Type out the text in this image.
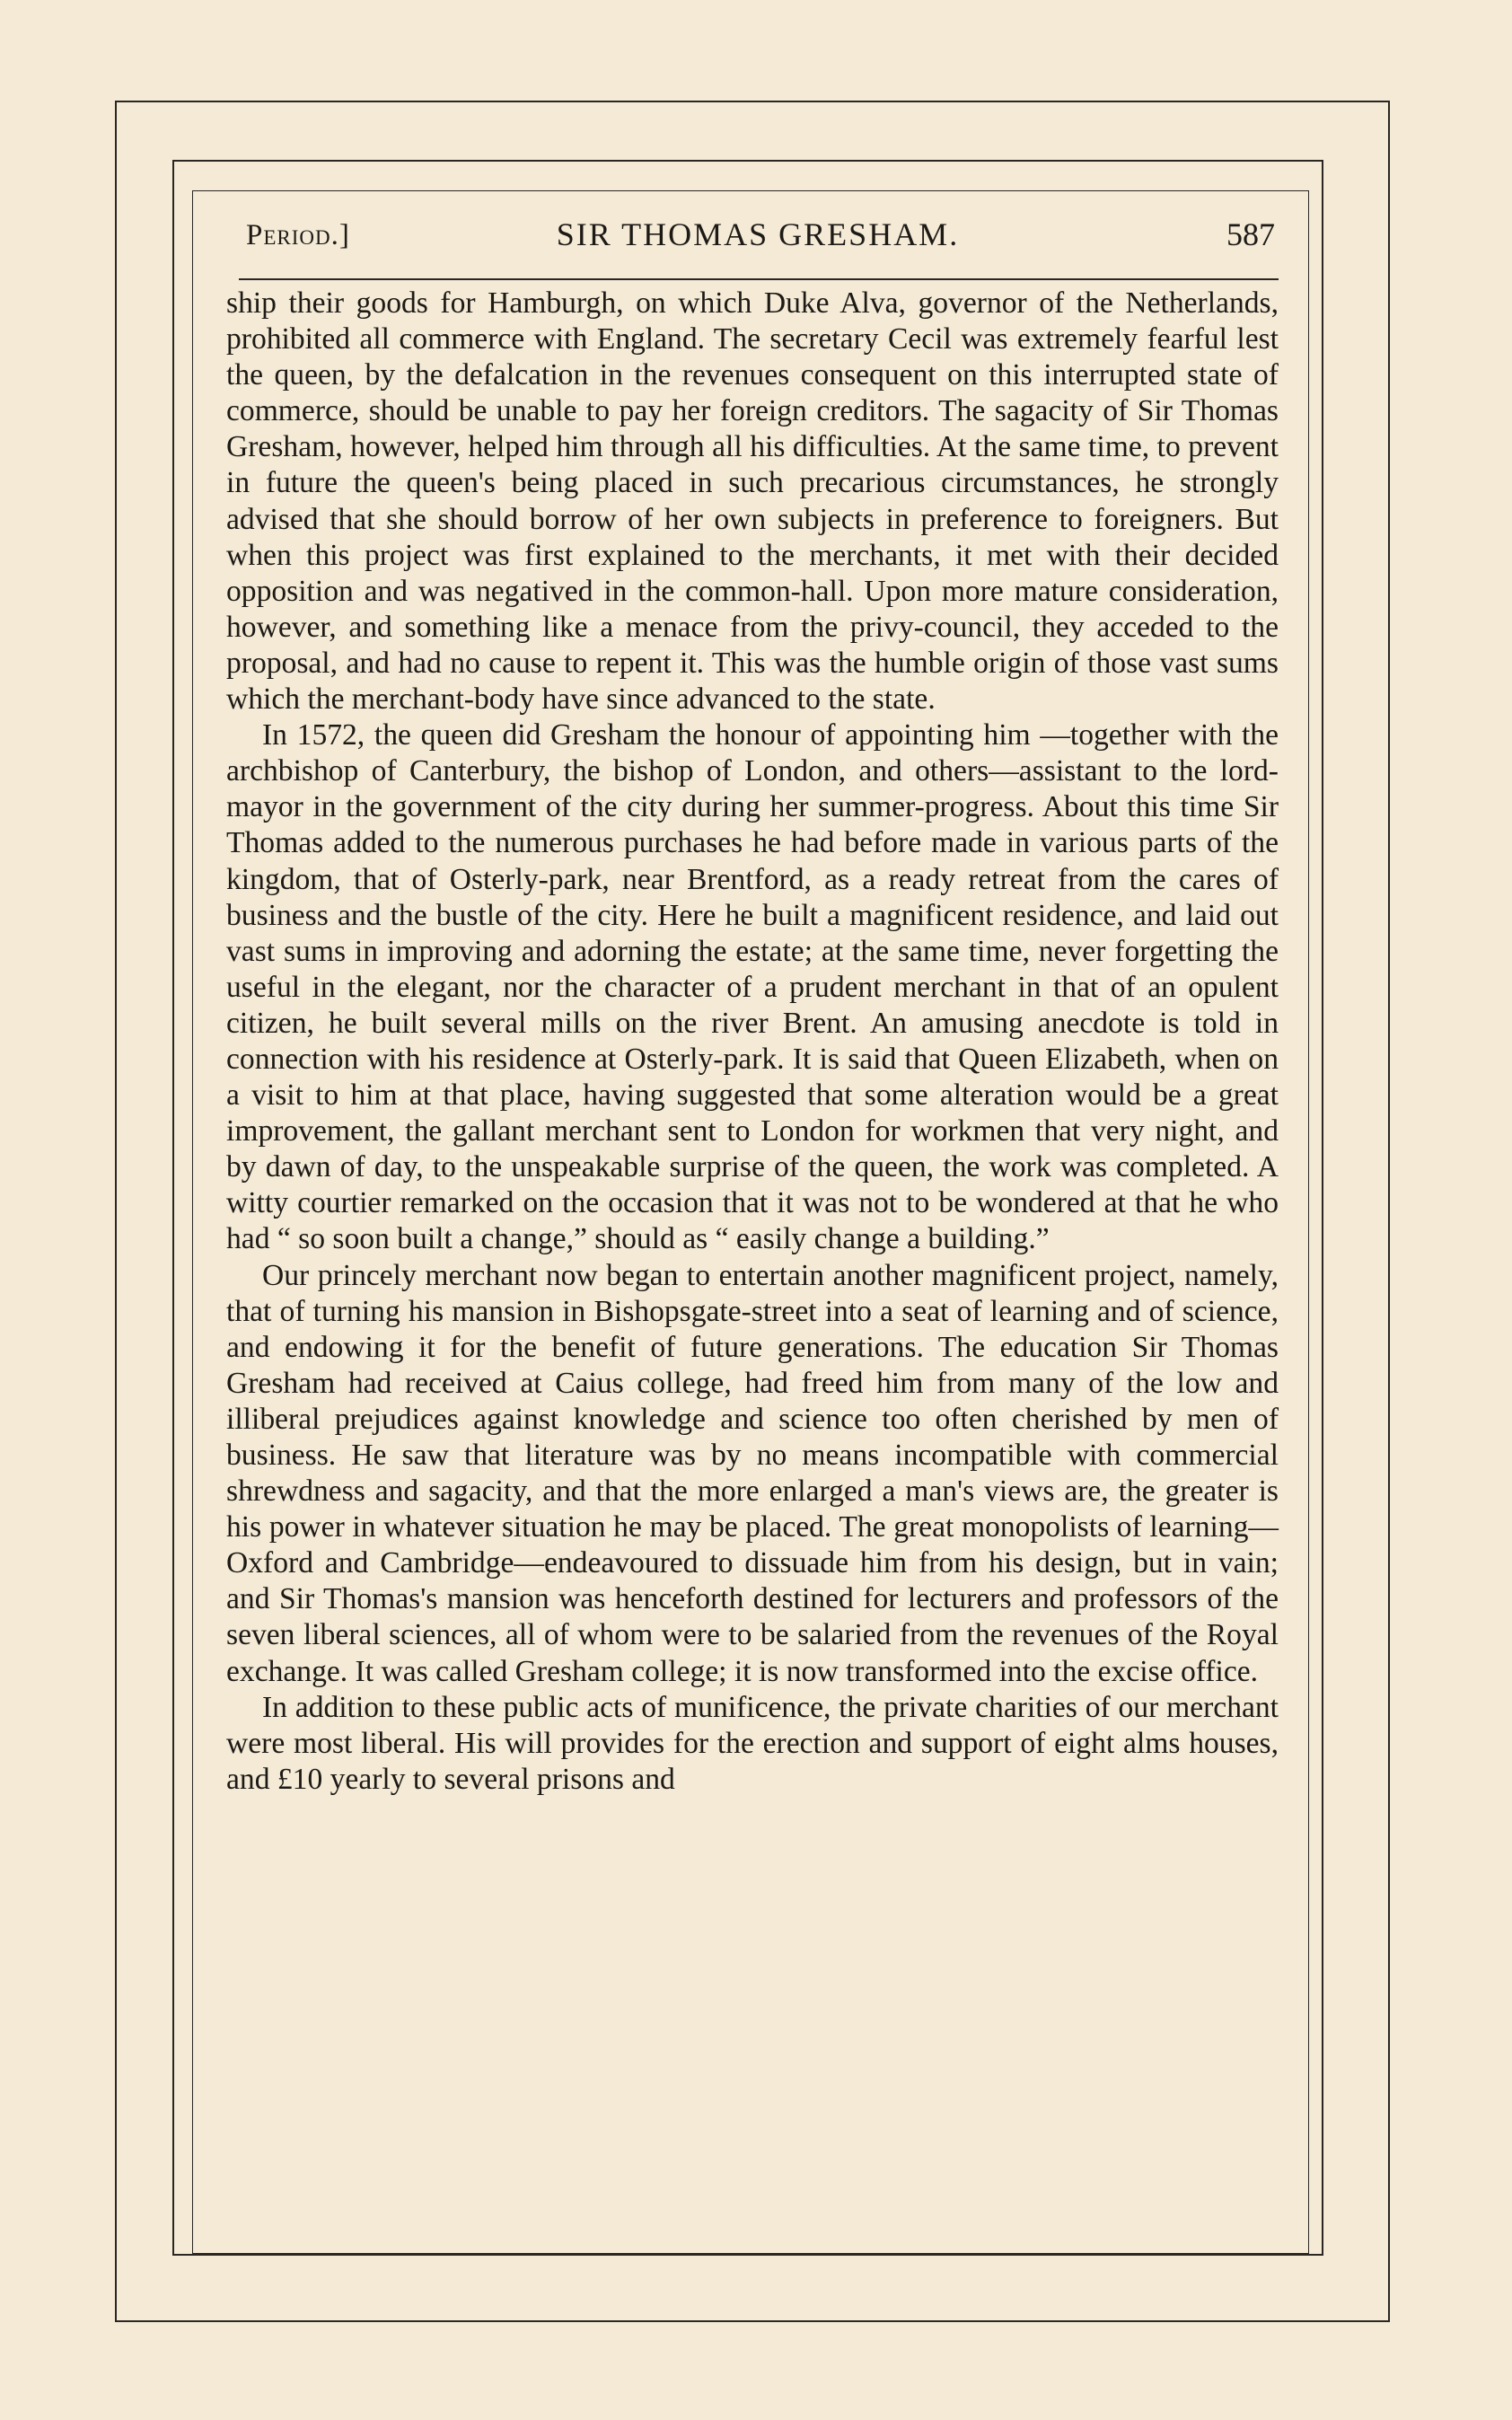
Period.]	SIR THOMAS GRESHAM.	587

ship their goods for Hamburgh, on which Duke Alva, governor of the Netherlands, prohibited all commerce with England. The secretary Cecil was extremely fearful lest the queen, by the defalcation in the revenues consequent on this interrupted state of commerce, should be unable to pay her foreign creditors. The sagacity of Sir Thomas Gresham, however, helped him through all his difficulties. At the same time, to prevent in future the queen's being placed in such precarious circumstances, he strongly advised that she should borrow of her own subjects in preference to foreigners. But when this project was first explained to the merchants, it met with their decided opposition and was negatived in the common-hall. Upon more mature consideration, however, and something like a menace from the privy-council, they acceded to the proposal, and had no cause to repent it. This was the humble origin of those vast sums which the merchant-body have since advanced to the state.

In 1572, the queen did Gresham the honour of appointing him —together with the archbishop of Canterbury, the bishop of London, and others—assistant to the lord-mayor in the government of the city during her summer-progress. About this time Sir Thomas added to the numerous purchases he had before made in various parts of the kingdom, that of Osterly-park, near Brentford, as a ready retreat from the cares of business and the bustle of the city. Here he built a magnificent residence, and laid out vast sums in improving and adorning the estate; at the same time, never forgetting the useful in the elegant, nor the character of a prudent merchant in that of an opulent citizen, he built several mills on the river Brent. An amusing anecdote is told in connection with his residence at Osterly-park. It is said that Queen Elizabeth, when on a visit to him at that place, having suggested that some alteration would be a great improvement, the gallant merchant sent to London for workmen that very night, and by dawn of day, to the unspeakable surprise of the queen, the work was completed. A witty courtier remarked on the occasion that it was not to be wondered at that he who had “ so soon built a change,” should as “ easily change a building.”

Our princely merchant now began to entertain another magnificent project, namely, that of turning his mansion in Bishopsgate-street into a seat of learning and of science, and endowing it for the benefit of future generations. The education Sir Thomas Gresham had received at Caius college, had freed him from many of the low and illiberal prejudices against knowledge and science too often cherished by men of business. He saw that literature was by no means incompatible with commercial shrewdness and sagacity, and that the more enlarged a man's views are, the greater is his power in whatever situation he may be placed. The great monopolists of learning—Oxford and Cambridge—endeavoured to dissuade him from his design, but in vain; and Sir Thomas's mansion was henceforth destined for lecturers and professors of the seven liberal sciences, all of whom were to be salaried from the revenues of the Royal exchange. It was called Gresham college; it is now transformed into the excise office.

In addition to these public acts of munificence, the private charities of our merchant were most liberal. His will provides for the erection and support of eight alms houses, and £10 yearly to several prisons and
